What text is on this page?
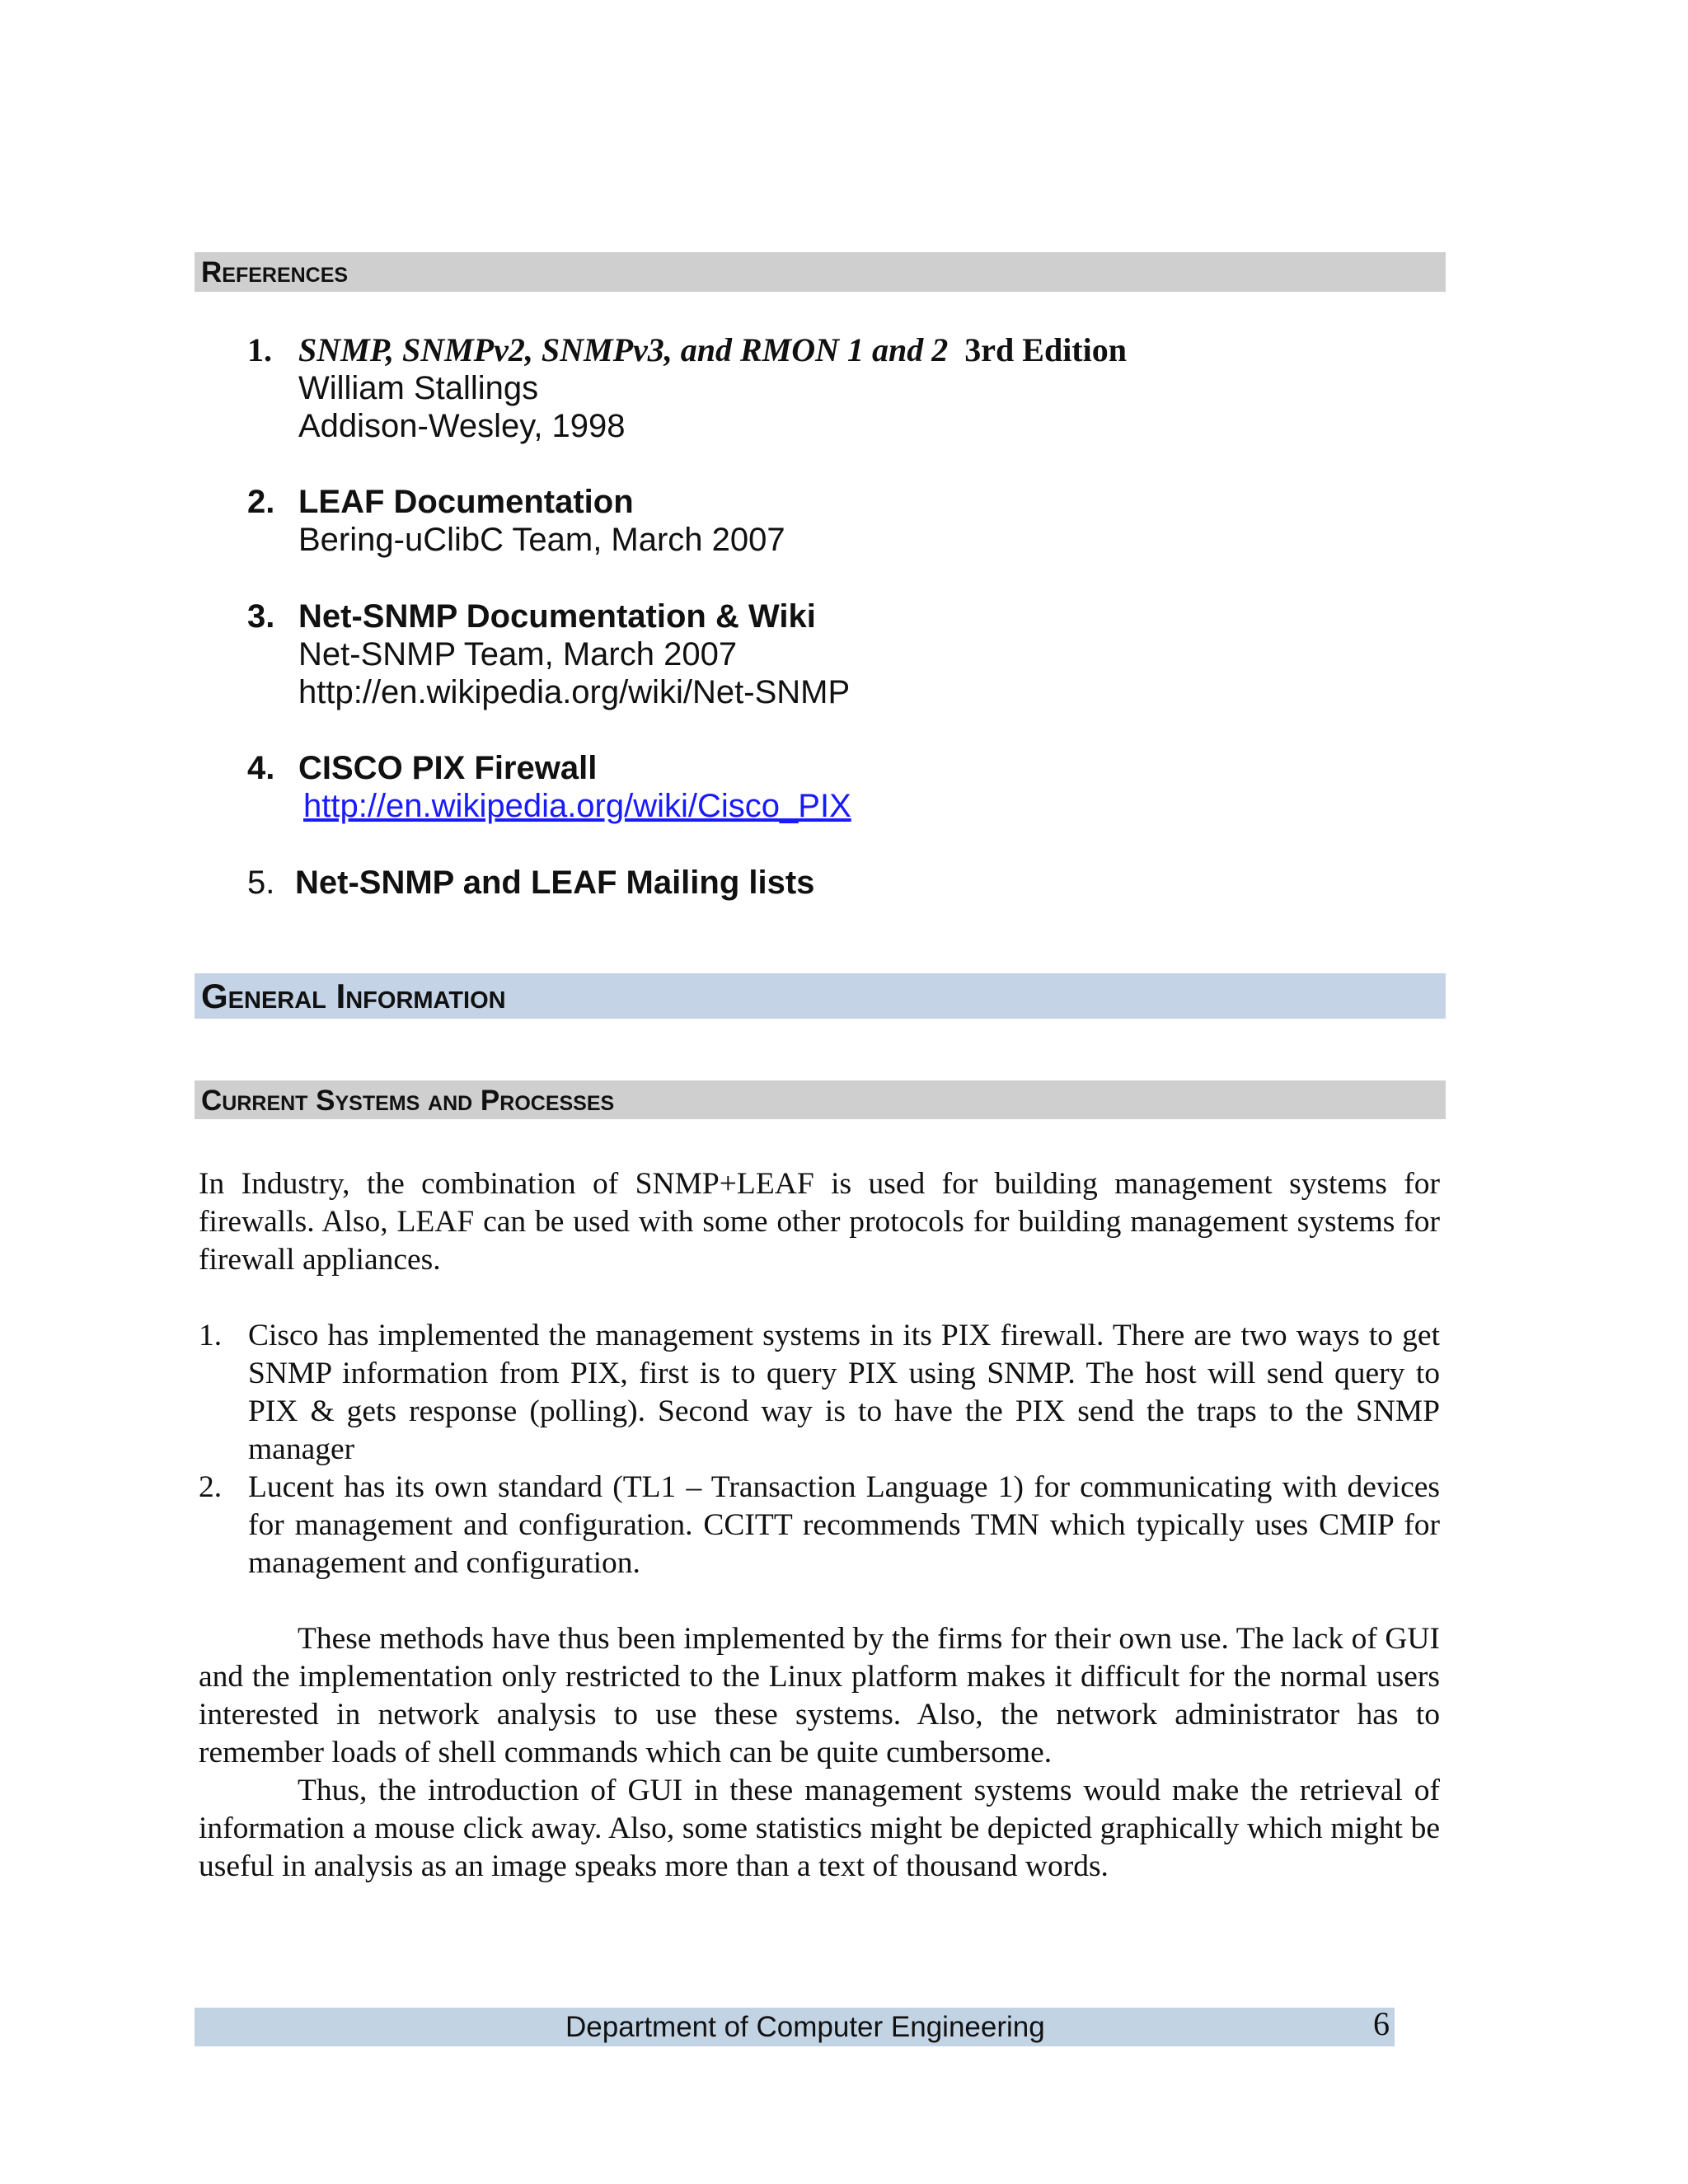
References
1. SNMP, SNMPv2, SNMPv3, and RMON 1 and 2 3rd Edition
William Stallings
Addison-Wesley, 1998
2. LEAF Documentation
Bering-uClibC Team, March 2007
3. Net-SNMP Documentation & Wiki
Net-SNMP Team, March 2007
http://en.wikipedia.org/wiki/Net-SNMP
4. CISCO PIX Firewall
http://en.wikipedia.org/wiki/Cisco_PIX
5. Net-SNMP and LEAF Mailing lists
General Information
Current Systems and Processes

In Industry, the combination of SNMP+LEAF is used for building management systems for firewalls. Also, LEAF can be used with some other protocols for building management systems for firewall appliances.

1. Cisco has implemented the management systems in its PIX firewall. There are two ways to get SNMP information from PIX, first is to query PIX using SNMP. The host will send query to PIX & gets response (polling). Second way is to have the PIX send the traps to the SNMP manager
2. Lucent has its own standard (TL1 – Transaction Language 1) for communicating with devices for management and configuration. CCITT recommends TMN which typically uses CMIP for management and configuration.

These methods have thus been implemented by the firms for their own use. The lack of GUI and the implementation only restricted to the Linux platform makes it difficult for the normal users interested in network analysis to use these systems. Also, the network administrator has to remember loads of shell commands which can be quite cumbersome.

Thus, the introduction of GUI in these management systems would make the retrieval of information a mouse click away. Also, some statistics might be depicted graphically which might be useful in analysis as an image speaks more than a text of thousand words.

Department of Computer Engineering	6
